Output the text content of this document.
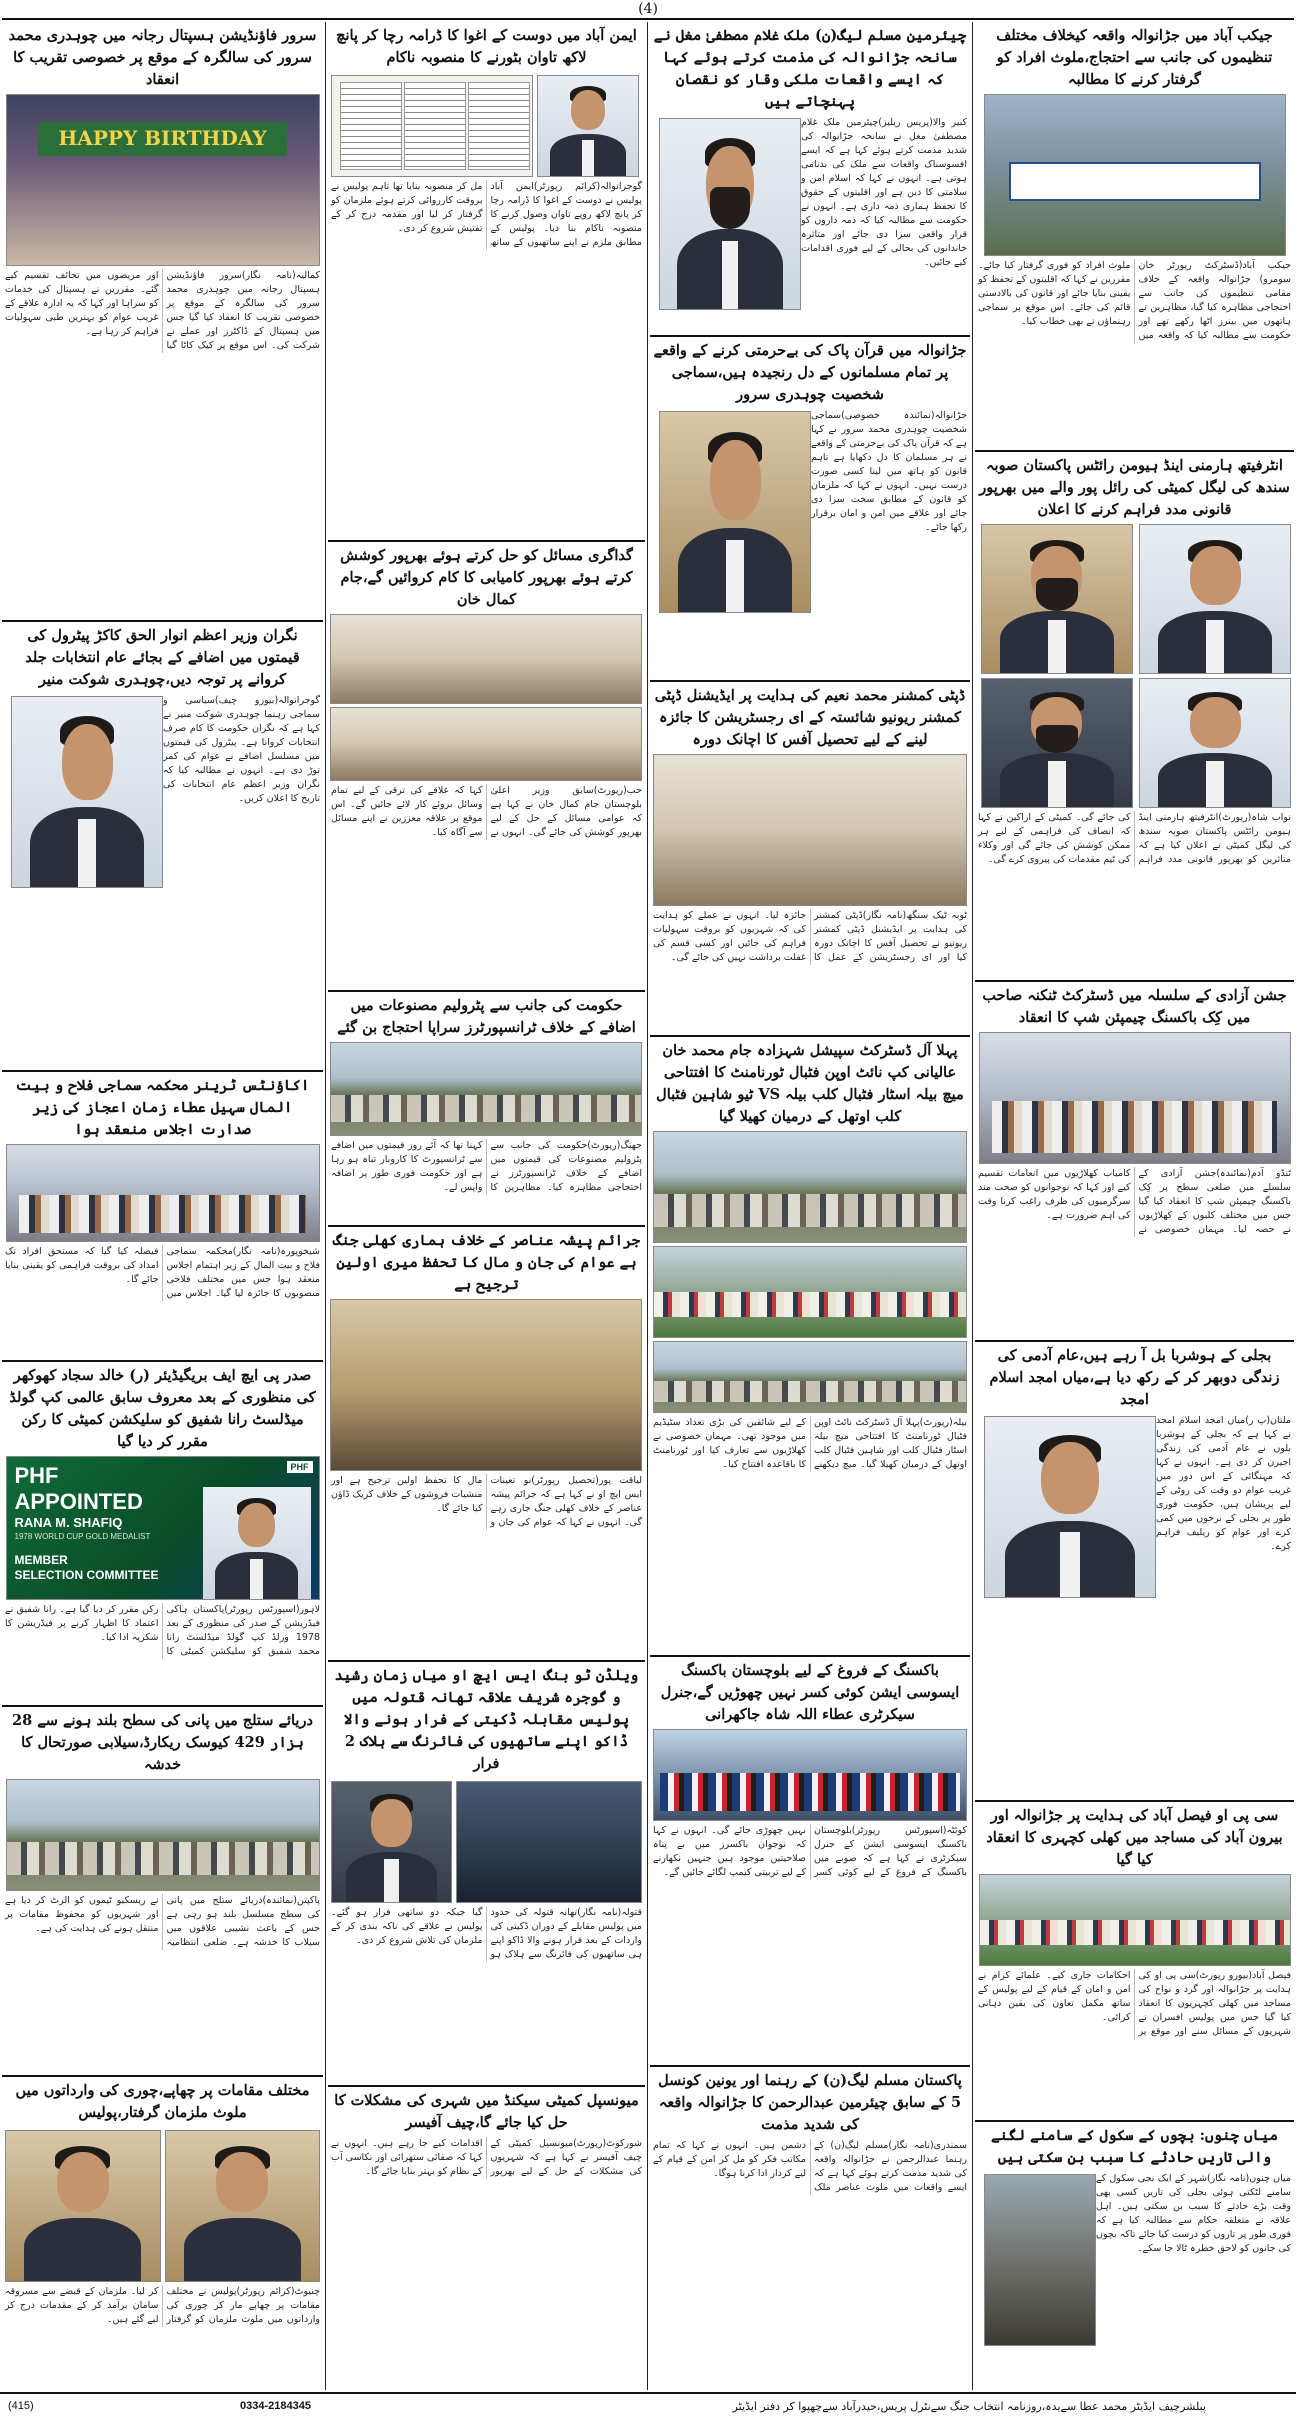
(4)
جیکب آباد میں جڑانوالہ واقعہ کیخلاف مختلف تنظیموں کی جانب سے احتجاج،ملوث افراد کو گرفتار کرنے کا مطالبہ
جیکب آباد(ڈسٹرکٹ رپورٹر خان سومرو) جڑانوالہ واقعہ کے خلاف مقامی تنظیموں کی جانب سے احتجاجی مظاہرہ کیا گیا، مظاہرین نے ہاتھوں میں بینرز اٹھا رکھے تھے اور حکومت سے مطالبہ کیا کہ واقعہ میں ملوث افراد کو فوری گرفتار کیا جائے۔ مقررین نے کہا کہ اقلیتوں کے تحفظ کو یقینی بنایا جائے اور قانون کی بالادستی قائم کی جائے۔ اس موقع پر سماجی رہنماؤں نے بھی خطاب کیا۔
انٹرفیتھ ہارمنی اینڈ ہیومن رائٹس پاکستان صوبہ سندھ کی لیگل کمیٹی کی رائل پور والے میں بھرپور قانونی مدد فراہم کرنے کا اعلان
نواب شاہ(رپورٹ)انٹرفیتھ ہارمنی اینڈ ہیومن رائٹس پاکستان صوبہ سندھ کی لیگل کمیٹی نے اعلان کیا ہے کہ متاثرین کو بھرپور قانونی مدد فراہم کی جائے گی۔ کمیٹی کے اراکین نے کہا کہ انصاف کی فراہمی کے لیے ہر ممکن کوشش کی جائے گی اور وکلاء کی ٹیم مقدمات کی پیروی کرے گی۔
جشن آزادی کے سلسلہ میں ڈسٹرکٹ ٹنکنہ صاحب میں کِک باکسنگ چیمپئن شپ کا انعقاد
ٹنڈو آدم(نمائندہ)جشن آزادی کے سلسلے میں ضلعی سطح پر کِک باکسنگ چیمپئن شپ کا انعقاد کیا گیا جس میں مختلف کلبوں کے کھلاڑیوں نے حصہ لیا۔ مہمان خصوصی نے کامیاب کھلاڑیوں میں انعامات تقسیم کیے اور کہا کہ نوجوانوں کو صحت مند سرگرمیوں کی طرف راغب کرنا وقت کی اہم ضرورت ہے۔
بجلی کے ہوشربا بل آ رہے ہیں،عام آدمی کی زندگی دوبھر کر کے رکھ دیا ہے،میاں امجد اسلام امجد
ملتان(پ ر)میاں امجد اسلام امجد نے کہا ہے کہ بجلی کے ہوشربا بلوں نے عام آدمی کی زندگی اجیرن کر دی ہے۔ انہوں نے کہا کہ مہنگائی کے اس دور میں غریب عوام دو وقت کی روٹی کے لیے پریشان ہیں، حکومت فوری طور پر بجلی کے نرخوں میں کمی کرے اور عوام کو ریلیف فراہم کرے۔
سی پی او فیصل آباد کی ہدایت پر جڑانوالہ اور بیرون آباد کی مساجد میں کھلی کچہری کا انعقاد کیا گیا
فیصل آباد(بیورو رپورٹ)سی پی او کی ہدایت پر جڑانوالہ اور گرد و نواح کی مساجد میں کھلی کچہریوں کا انعقاد کیا گیا جس میں پولیس افسران نے شہریوں کے مسائل سنے اور موقع پر احکامات جاری کیے۔ علمائے کرام نے امن و امان کے قیام کے لیے پولیس کے ساتھ مکمل تعاون کی یقین دہانی کرائی۔
میاں چنوں: بچوں کے سکول کے سامنے لگنے والی تاریں حادثے کا سبب بن سکتی ہیں
میاں چنوں(نامہ نگار)شہر کے ایک نجی سکول کے سامنے لٹکتی ہوئی بجلی کی تاریں کسی بھی وقت بڑے حادثے کا سبب بن سکتی ہیں۔ اہل علاقہ نے متعلقہ حکام سے مطالبہ کیا ہے کہ فوری طور پر تاروں کو درست کیا جائے تاکہ بچوں کی جانوں کو لاحق خطرہ ٹالا جا سکے۔
چیئرمین مسلم لیگ(ن) ملک غلام مصطفیٰ مغل نے سانحہ جڑانوالہ کی مذمت کرتے ہوئے کہا کہ ایسے واقعات ملکی وقار کو نقصان پہنچاتے ہیں
کبیر والا(پریس ریلیز)چیئرمین ملک غلام مصطفیٰ مغل نے سانحہ جڑانوالہ کی شدید مذمت کرتے ہوئے کہا ہے کہ ایسے افسوسناک واقعات سے ملک کی بدنامی ہوتی ہے۔ انہوں نے کہا کہ اسلام امن و سلامتی کا دین ہے اور اقلیتوں کے حقوق کا تحفظ ہماری ذمہ داری ہے۔ انہوں نے حکومت سے مطالبہ کیا کہ ذمہ داروں کو قرار واقعی سزا دی جائے اور متاثرہ خاندانوں کی بحالی کے لیے فوری اقدامات کیے جائیں۔
جڑانوالہ میں قرآن پاک کی بےحرمتی کرنے کے واقعے پر تمام مسلمانوں کے دل رنجیدہ ہیں،سماجی شخصیت چوہدری سرور
جڑانوالہ(نمائندہ خصوصی)سماجی شخصیت چوہدری محمد سرور نے کہا ہے کہ قرآن پاک کی بےحرمتی کے واقعے نے ہر مسلمان کا دل دکھایا ہے تاہم قانون کو ہاتھ میں لینا کسی صورت درست نہیں۔ انہوں نے کہا کہ ملزمان کو قانون کے مطابق سخت سزا دی جائے اور علاقے میں امن و امان برقرار رکھا جائے۔
ڈپٹی کمشنر محمد نعیم کی ہدایت پر ایڈیشنل ڈپٹی کمشنر ریونیو شائستہ کے ای رجسٹریشن کا جائزہ لینے کے لیے تحصیل آفس کا اچانک دورہ
ٹوبہ ٹیک سنگھ(نامہ نگار)ڈپٹی کمشنر کی ہدایت پر ایڈیشنل ڈپٹی کمشنر ریونیو نے تحصیل آفس کا اچانک دورہ کیا اور ای رجسٹریشن کے عمل کا جائزہ لیا۔ انہوں نے عملے کو ہدایت کی کہ شہریوں کو بروقت سہولیات فراہم کی جائیں اور کسی قسم کی غفلت برداشت نہیں کی جائے گی۔
پہلا آل ڈسٹرکٹ سپیشل شہزادہ جام محمد خان عالیانی کپ نائٹ اوپن فٹبال ٹورنامنٹ کا افتتاحی میچ بیلہ اسٹار فٹبال کلب بیلہ VS ٹیو شاہین فٹبال کلب اوتھل کے درمیان کھیلا گیا
بیلہ(رپورٹ)پہلا آل ڈسٹرکٹ نائٹ اوپن فٹبال ٹورنامنٹ کا افتتاحی میچ بیلہ اسٹار فٹبال کلب اور شاہین فٹبال کلب اوتھل کے درمیان کھیلا گیا۔ میچ دیکھنے کے لیے شائقین کی بڑی تعداد سٹیڈیم میں موجود تھی۔ مہمان خصوصی نے کھلاڑیوں سے تعارف کیا اور ٹورنامنٹ کا باقاعدہ افتتاح کیا۔
باکسنگ کے فروغ کے لیے بلوچستان باکسنگ ایسوسی ایشن کوئی کسر نہیں چھوڑیں گے،جنرل سیکرٹری عطاء اللہ شاہ جاکھرانی
کوئٹہ(اسپورٹس رپورٹر)بلوچستان باکسنگ ایسوسی ایشن کے جنرل سیکرٹری نے کہا ہے کہ صوبے میں باکسنگ کے فروغ کے لیے کوئی کسر نہیں چھوڑی جائے گی۔ انہوں نے کہا کہ نوجوان باکسرز میں بے پناہ صلاحیتیں موجود ہیں جنہیں نکھارنے کے لیے تربیتی کیمپ لگائے جائیں گے۔
پاکستان مسلم لیگ(ن) کے رہنما اور یونین کونسل 5 کے سابق چیئرمین عبدالرحمن کا جڑانوالہ واقعہ کی شدید مذمت
سمندری(نامہ نگار)مسلم لیگ(ن) کے رہنما عبدالرحمن نے جڑانوالہ واقعہ کی شدید مذمت کرتے ہوئے کہا ہے کہ ایسے واقعات میں ملوث عناصر ملک دشمن ہیں۔ انہوں نے کہا کہ تمام مکاتب فکر کو مل کر امن کے قیام کے لیے کردار ادا کرنا ہوگا۔
ایمن آباد میں دوست کے اغوا کا ڈرامہ رچا کر پانچ لاکھ تاوان بٹورنے کا منصوبہ ناکام
گوجرانوالہ(کرائم رپورٹر)ایمن آباد پولیس نے دوست کے اغوا کا ڈرامہ رچا کر پانچ لاکھ روپے تاوان وصول کرنے کا منصوبہ ناکام بنا دیا۔ پولیس کے مطابق ملزم نے اپنے ساتھیوں کے ساتھ مل کر منصوبہ بنایا تھا تاہم پولیس نے بروقت کارروائی کرتے ہوئے ملزمان کو گرفتار کر لیا اور مقدمہ درج کر کے تفتیش شروع کر دی۔
گداگری مسائل کو حل کرتے ہوئے بھرپور کوشش کرتے ہوئے بھرپور کامیابی کا کام کروائیں گے،جام کمال خان
حب(رپورٹ)سابق وزیر اعلیٰ بلوچستان جام کمال خان نے کہا ہے کہ عوامی مسائل کے حل کے لیے بھرپور کوشش کی جائے گی۔ انہوں نے کہا کہ علاقے کی ترقی کے لیے تمام وسائل بروئے کار لائے جائیں گے۔ اس موقع پر علاقہ معززین نے اپنے مسائل سے آگاہ کیا۔
حکومت کی جانب سے پٹرولیم مصنوعات میں اضافے کے خلاف ٹرانسپورٹرز سراپا احتجاج بن گئے
جھنگ(رپورٹ)حکومت کی جانب سے پٹرولیم مصنوعات کی قیمتوں میں اضافے کے خلاف ٹرانسپورٹرز نے احتجاجی مظاہرہ کیا۔ مظاہرین کا کہنا تھا کہ آئے روز قیمتوں میں اضافے سے ٹرانسپورٹ کا کاروبار تباہ ہو رہا ہے اور حکومت فوری طور پر اضافہ واپس لے۔
جرائم پیشہ عناصر کے خلاف ہماری کھلی جنگ ہے عوام کی جان و مال کا تحفظ میری اولین ترجیح ہے
لیاقت پور(تحصیل رپورٹر)نو تعینات ایس ایچ او نے کہا ہے کہ جرائم پیشہ عناصر کے خلاف کھلی جنگ جاری رہے گی۔ انہوں نے کہا کہ عوام کی جان و مال کا تحفظ اولین ترجیح ہے اور منشیات فروشوں کے خلاف کریک ڈاؤن کیا جائے گا۔
ویلڈن ٹو بنگ ایس ایچ او میاں زمان رشید و گوجرہ شریف علاقہ تھانہ قتولہ میں پولیس مقابلہ ڈکیتی کے فرار ہونے والا ڈاکو اپنے ساتھیوں کی فائرنگ سے ہلاک 2 فرار
قتولہ(نامہ نگار)تھانہ قتولہ کی حدود میں پولیس مقابلے کے دوران ڈکیتی کی واردات کے بعد فرار ہونے والا ڈاکو اپنے ہی ساتھیوں کی فائرنگ سے ہلاک ہو گیا جبکہ دو ساتھی فرار ہو گئے۔ پولیس نے علاقے کی ناکہ بندی کر کے ملزمان کی تلاش شروع کر دی۔
میونسپل کمیٹی سیکنڈ میں شہری کی مشکلات کا حل کیا جائے گا،چیف آفیسر
شورکوٹ(رپورٹ)میونسپل کمیٹی کے چیف آفیسر نے کہا ہے کہ شہریوں کی مشکلات کے حل کے لیے بھرپور اقدامات کیے جا رہے ہیں۔ انہوں نے کہا کہ صفائی ستھرائی اور نکاسی آب کے نظام کو بہتر بنایا جائے گا۔
سرور فاؤنڈیشن ہسپتال رجانہ میں چوہدری محمد سرور کی سالگرہ کے موقع پر خصوصی تقریب کا انعقاد
HAPPY BIRTHDAY
کمالیہ(نامہ نگار)سرور فاؤنڈیشن ہسپتال رجانہ میں چوہدری محمد سرور کی سالگرہ کے موقع پر خصوصی تقریب کا انعقاد کیا گیا جس میں ہسپتال کے ڈاکٹرز اور عملے نے شرکت کی۔ اس موقع پر کیک کاٹا گیا اور مریضوں میں تحائف تقسیم کیے گئے۔ مقررین نے ہسپتال کی خدمات کو سراہا اور کہا کہ یہ ادارہ علاقے کے غریب عوام کو بہترین طبی سہولیات فراہم کر رہا ہے۔
نگران وزیر اعظم انوار الحق کاکڑ پیٹرول کی قیمتوں میں اضافے کے بجائے عام انتخابات جلد کروانے پر توجہ دیں،چوہدری شوکت منیر
گوجرانوالہ(بیورو چیف)سیاسی و سماجی رہنما چوہدری شوکت منیر نے کہا ہے کہ نگران حکومت کا کام صرف انتخابات کروانا ہے۔ پیٹرول کی قیمتوں میں مسلسل اضافے نے عوام کی کمر توڑ دی ہے۔ انہوں نے مطالبہ کیا کہ نگران وزیر اعظم عام انتخابات کی تاریخ کا اعلان کریں۔
اکاؤنٹس ٹرینر محکمہ سماجی فلاح و بیت المال سہیل عطاء زمان اعجاز کی زیر صدارت اجلاس منعقد ہوا
شیخوپورہ(نامہ نگار)محکمہ سماجی فلاح و بیت المال کے زیر اہتمام اجلاس منعقد ہوا جس میں مختلف فلاحی منصوبوں کا جائزہ لیا گیا۔ اجلاس میں فیصلہ کیا گیا کہ مستحق افراد تک امداد کی بروقت فراہمی کو یقینی بنایا جائے گا۔
صدر پی ایچ ایف بریگیڈیئر (ر) خالد سجاد کھوکھر کی منظوری کے بعد معروف سابق عالمی کپ گولڈ میڈلسٹ رانا شفیق کو سلیکشن کمیٹی کا رکن مقرر کر دیا گیا
PHF
PHF
APPOINTED
RANA M. SHAFIQ
1978 WORLD CUP GOLD MEDALIST
MEMBER
SELECTION COMMITTEE
لاہور(اسپورٹس رپورٹر)پاکستان ہاکی فیڈریشن کے صدر کی منظوری کے بعد 1978 ورلڈ کپ گولڈ میڈلسٹ رانا محمد شفیق کو سلیکشن کمیٹی کا رکن مقرر کر دیا گیا ہے۔ رانا شفیق نے اعتماد کا اظہار کرنے پر فیڈریشن کا شکریہ ادا کیا۔
دریائے ستلج میں پانی کی سطح بلند ہونے سے 28 ہزار 429 کیوسک ریکارڈ،سیلابی صورتحال کا خدشہ
پاکپتن(نمائندہ)دریائے ستلج میں پانی کی سطح مسلسل بلند ہو رہی ہے جس کے باعث نشیبی علاقوں میں سیلاب کا خدشہ ہے۔ ضلعی انتظامیہ نے ریسکیو ٹیموں کو الرٹ کر دیا ہے اور شہریوں کو محفوظ مقامات پر منتقل ہونے کی ہدایت کی ہے۔
مختلف مقامات پر چھاپے،چوری کی وارداتوں میں ملوث ملزمان گرفتار،پولیس
چنیوٹ(کرائم رپورٹر)پولیس نے مختلف مقامات پر چھاپے مار کر چوری کی وارداتوں میں ملوث ملزمان کو گرفتار کر لیا۔ ملزمان کے قبضے سے مسروقہ سامان برآمد کر کے مقدمات درج کر لیے گئے ہیں۔
پبلشرچیف ایڈیٹر محمد عطا سےیدہ،روزنامہ انتخاب جنگ سےنٹرل پریس،حیدرآباد سےچھپوا کر دفتر ایڈیٹر
0334-2184345
(415)
